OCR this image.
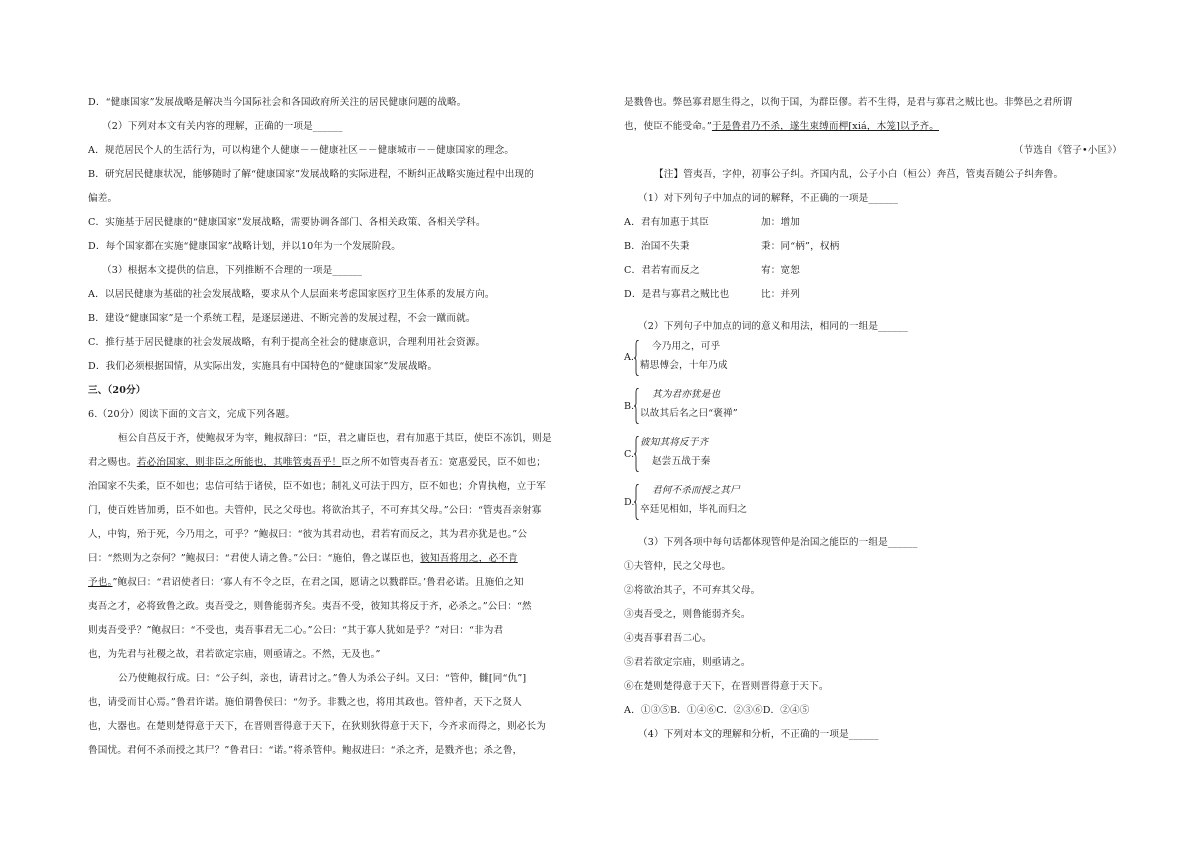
D．“健康国家”发展战略是解决当今国际社会和各国政府所关注的居民健康问题的战略。
（2）下列对本文有关内容的理解，正确的一项是______
A．规范居民个人的生活行为，可以构建个人健康－－健康社区－－健康城市－－健康国家的理念。
B．研究居民健康状况，能够随时了解“健康国家”发展战略的实际进程，不断纠正战略实施过程中出现的
偏差。
C．实施基于居民健康的“健康国家”发展战略，需要协调各部门、各相关政策、各相关学科。
D．每个国家都在实施“健康国家”战略计划，并以10年为一个发展阶段。
（3）根据本文提供的信息，下列推断不合理的一项是______
A．以居民健康为基础的社会发展战略，要求从个人层面来考虑国家医疗卫生体系的发展方向。
B．建设“健康国家”是一个系统工程，是逐层递进、不断完善的发展过程，不会一蹴而就。
C．推行基于居民健康的社会发展战略，有利于提高全社会的健康意识，合理利用社会资源。
D．我们必须根据国情，从实际出发，实施具有中国特色的“健康国家”发展战略。
三、（20分）
6.（20分）阅读下面的文言文，完成下列各题。
桓公自莒反于齐，使鲍叔牙为宰，鲍叔辞曰：“臣，君之庸臣也，君有加惠于其臣，使臣不冻饥，则是
君之赐也。若必治国家，则非臣之所能也，其唯管夷吾乎！臣之所不如管夷吾者五：宽惠爱民，臣不如也；
治国家不失柔，臣不如也；忠信可结于诸侯，臣不如也；制礼义可法于四方，臣不如也；介胄执枹，立于军
门，使百姓皆加勇，臣不如也。夫管仲，民之父母也。将欲治其子，不可弃其父母。”公曰：“管夷吾亲射寡
人，中钩，殆于死，今乃用之，可乎？”鲍叔曰：“彼为其君动也，君若宥而反之，其为君亦犹是也。”公
曰：“然则为之奈何？”鲍叔曰：“君使人请之鲁。”公曰：“施伯，鲁之谋臣也，彼知吾将用之，必不肯
予也。”鲍叔曰：“君诏使者曰：‘寡人有不令之臣，在君之国，愿请之以戮群臣。’鲁君必诺。且施伯之知
夷吾之才，必将致鲁之政。夷吾受之，则鲁能弱齐矣。夷吾不受，彼知其将反于齐，必杀之。”公曰：“然
则夷吾受乎？”鲍叔曰：“不受也，夷吾事君无二心。”公曰：“其于寡人犹如是乎？”对曰：“非为君
也，为先君与社稷之故，君若欲定宗庙，则亟请之。不然，无及也。”
公乃使鲍叔行成。曰：“公子纠，亲也，请君讨之。”鲁人为杀公子纠。又曰：“管仲，雠[同“仇”]
也，请受而甘心焉。”鲁君许诺。施伯谓鲁侯曰：“勿予。非戮之也，将用其政也。管仲者，天下之贤人
也，大器也。在楚则楚得意于天下，在晋则晋得意于天下，在狄则狄得意于天下，今齐求而得之，则必长为
鲁国忧。君何不杀而授之其尸？”鲁君曰：“诺。”将杀管仲。鲍叔进曰：“杀之齐，是戮齐也；杀之鲁，
是戮鲁也。弊邑寡君愿生得之，以徇于国，为群臣僇。若不生得，是君与寡君之贼比也。非弊邑之君所谓
也，使臣不能受命。”于是鲁君乃不杀，遂生束缚而柙[xiá，木笼]以予齐。
（节选自《管子•小匡》）
【注】管夷吾，字仲，初事公子纠。齐国内乱，公子小白（桓公）奔莒，管夷吾随公子纠奔鲁。
（1）对下列句子中加点的词的解释，不正确的一项是______
A．君有加惠于其臣	加：增加
B．治国不失秉	秉：同“柄”，权柄
C．君若宥而反之	宥：宽恕
D．是君与寡君之贼比也	比：并列
（2）下列句子中加点的词的意义和用法，相同的一组是______
A.
今乃用之，可乎
精思傅会，十年乃成
B.
其为君亦犹是也
以故其后名之曰“褒禅”
C.
彼知其将反于齐
赵尝五战于秦
D.
君何不杀而授之其尸
卒廷见相如，毕礼而归之
（3）下列各项中每句话都体现管仲是治国之能臣的一组是______
①夫管仲，民之父母也。
②将欲治其子，不可弃其父母。
③夷吾受之，则鲁能弱齐矣。
④夷吾事君吾二心。
⑤君若欲定宗庙，则亟请之。
⑥在楚则楚得意于天下，在晋则晋得意于天下。
A．①③⑤B．①④⑥C．②③⑥D．②④⑤
（4）下列对本文的理解和分析，不正确的一项是______
